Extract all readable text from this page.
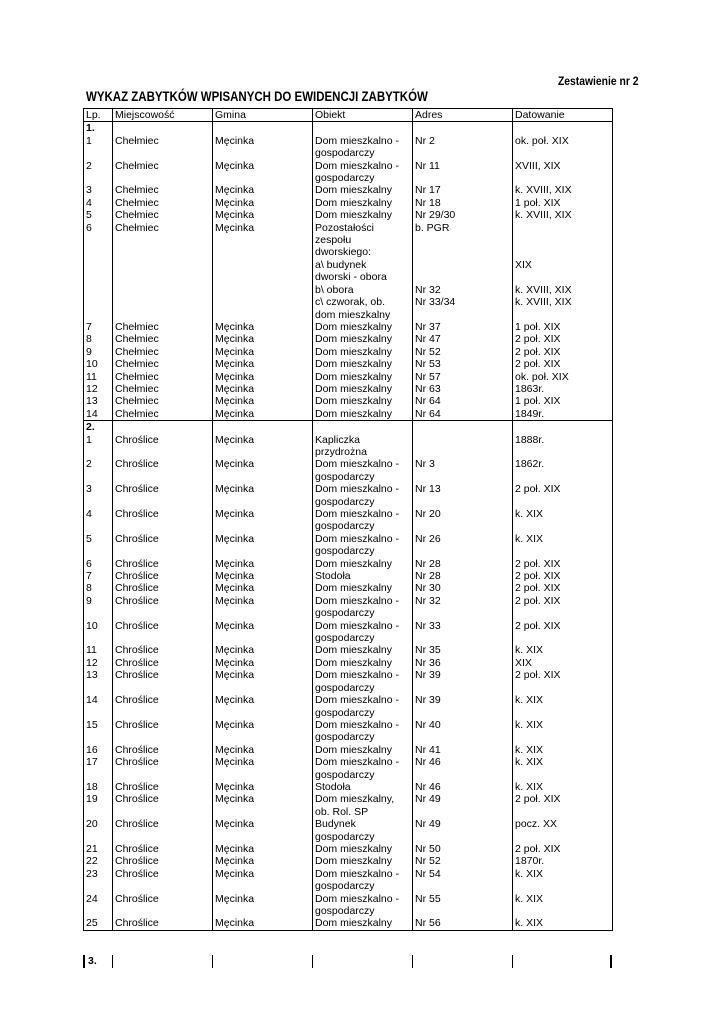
Zestawienie nr 2
WYKAZ ZABYTKÓW WPISANYCH DO EWIDENCJI ZABYTKÓW
Lp.	Miejscowość	Gmina	Obiekt	Adres	Datowanie
1.					
1	Chełmiec	Męcinka	Dom mieszkalno -
gospodarczy	Nr 2	ok. poł. XIX
2	Chełmiec	Męcinka	Dom mieszkalno -
gospodarczy	Nr 11	XVIII, XIX
3	Chełmiec	Męcinka	Dom mieszkalny	Nr 17	k. XVIII, XIX
4	Chełmiec	Męcinka	Dom mieszkalny	Nr 18	1 poł. XIX
5	Chełmiec	Męcinka	Dom mieszkalny	Nr 29/30	k. XVIII, XIX
6	Chełmiec	Męcinka	Pozostałości
zespołu
dworskiego:	b. PGR	

			a\ budynek
dworski - obora		XIX

			b\ obora	Nr 32	k. XVIII, XIX

			c\ czworak, ob.
dom mieszkalny	Nr 33/34	k. XVIII, XIX
7	Chełmiec	Męcinka	Dom mieszkalny	Nr 37	1 poł. XIX
8	Chełmiec	Męcinka	Dom mieszkalny	Nr 47	2 poł. XIX
9	Chełmiec	Męcinka	Dom mieszkalny	Nr 52	2 poł. XIX
10	Chełmiec	Męcinka	Dom mieszkalny	Nr 53	2 poł. XIX
11	Chełmiec	Męcinka	Dom mieszkalny	Nr 57	ok. poł. XIX
12	Chełmiec	Męcinka	Dom mieszkalny	Nr 63	1863r.
13	Chełmiec	Męcinka	Dom mieszkalny	Nr 64	1 poł. XIX
14	Chełmiec	Męcinka	Dom mieszkalny	Nr 64	1849r.
2.					
1	Chroślice	Męcinka	Kapliczka
przydrożna		1888r.
2	Chroślice	Męcinka	Dom mieszkalno -
gospodarczy	Nr 3	1862r.
3	Chroślice	Męcinka	Dom mieszkalno -
gospodarczy	Nr 13	2 poł. XIX
4	Chroślice	Męcinka	Dom mieszkalno -
gospodarczy	Nr 20	k. XIX
5	Chroślice	Męcinka	Dom mieszkalno -
gospodarczy	Nr 26	k. XIX
6	Chroślice	Męcinka	Dom mieszkalny	Nr 28	2 poł. XIX
7	Chroślice	Męcinka	Stodoła	Nr 28	2 poł. XIX
8	Chroślice	Męcinka	Dom mieszkalny	Nr 30	2 poł. XIX
9	Chroślice	Męcinka	Dom mieszkalno -
gospodarczy	Nr 32	2 poł. XIX
10	Chroślice	Męcinka	Dom mieszkalno -
gospodarczy	Nr 33	2 poł. XIX
11	Chroślice	Męcinka	Dom mieszkalny	Nr 35	k. XIX
12	Chroślice	Męcinka	Dom mieszkalny	Nr 36	XIX
13	Chroślice	Męcinka	Dom mieszkalno -
gospodarczy	Nr 39	2 poł. XIX
14	Chroślice	Męcinka	Dom mieszkalno -
gospodarczy	Nr 39	k. XIX
15	Chroślice	Męcinka	Dom mieszkalno -
gospodarczy	Nr 40	k. XIX
16	Chroślice	Męcinka	Dom mieszkalny	Nr 41	k. XIX
17	Chroślice	Męcinka	Dom mieszkalno -
gospodarczy	Nr 46	k. XIX
18	Chroślice	Męcinka	Stodoła	Nr 46	k. XIX
19	Chroślice	Męcinka	Dom mieszkalny,
ob. Rol. SP	Nr 49	2 poł. XIX
20	Chroślice	Męcinka	Budynek
gospodarczy	Nr 49	pocz. XX
21	Chroślice	Męcinka	Dom mieszkalny	Nr 50	2 poł. XIX
22	Chroślice	Męcinka	Dom mieszkalny	Nr 52	1870r.
23	Chroślice	Męcinka	Dom mieszkalno -
gospodarczy	Nr 54	k. XIX
24	Chroślice	Męcinka	Dom mieszkalno -
gospodarczy	Nr 55	k. XIX
25	Chroślice	Męcinka	Dom mieszkalny	Nr 56	k. XIX
3.
